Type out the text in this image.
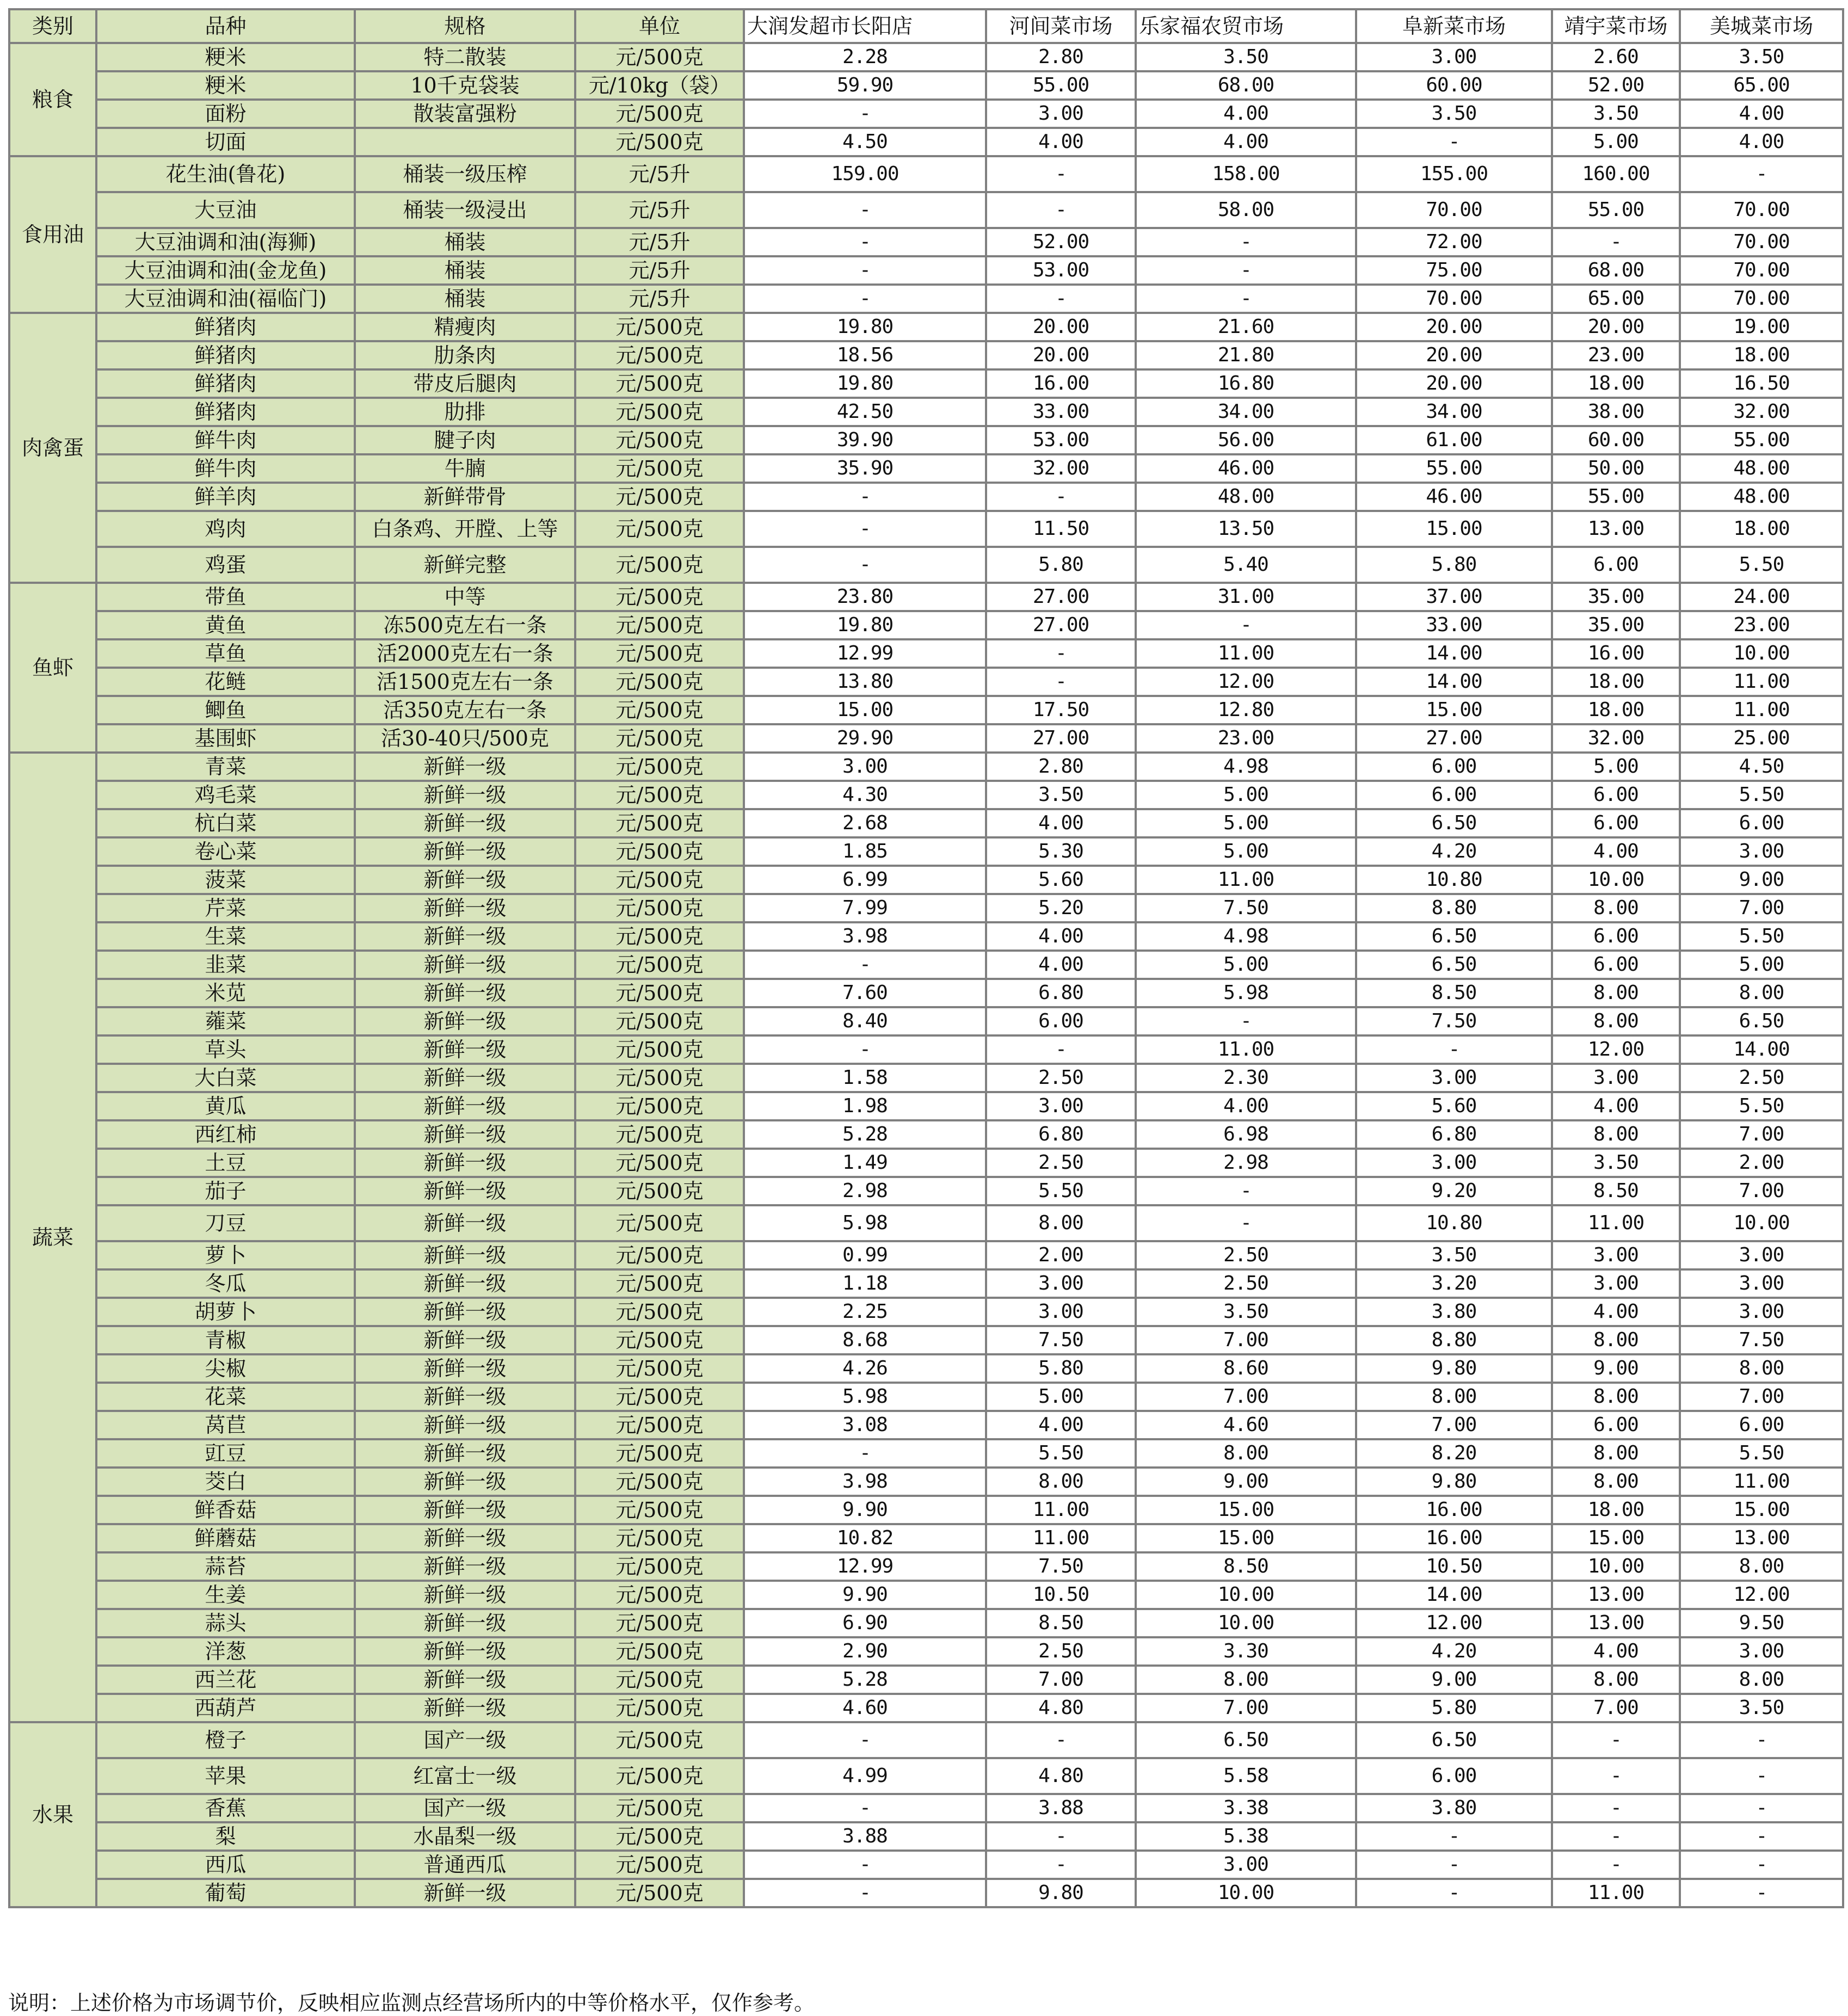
类别	品种	规格	单位	大润发超市长阳店	河间菜市场	乐家福农贸市场	阜新菜市场	靖宇菜市场	美城菜市场
粮食	粳米	特二散装	元/500克	2.28	2.80	3.50	3.00	2.60	3.50
	粳米	10千克袋装	元/10kg（袋）	59.90	55.00	68.00	60.00	52.00	65.00
	面粉	散装富强粉	元/500克	-	3.00	4.00	3.50	3.50	4.00
	切面		元/500克	4.50	4.00	4.00	-	5.00	4.00
食用油	花生油(鲁花)	桶装一级压榨	元/5升	159.00	-	158.00	155.00	160.00	-
	大豆油	桶装一级浸出	元/5升	-	-	58.00	70.00	55.00	70.00
	大豆油调和油(海狮)	桶装	元/5升	-	52.00	-	72.00	-	70.00
	大豆油调和油(金龙鱼)	桶装	元/5升	-	53.00	-	75.00	68.00	70.00
	大豆油调和油(福临门)	桶装	元/5升	-	-	-	70.00	65.00	70.00
肉禽蛋	鲜猪肉	精瘦肉	元/500克	19.80	20.00	21.60	20.00	20.00	19.00
	鲜猪肉	肋条肉	元/500克	18.56	20.00	21.80	20.00	23.00	18.00
	鲜猪肉	带皮后腿肉	元/500克	19.80	16.00	16.80	20.00	18.00	16.50
	鲜猪肉	肋排	元/500克	42.50	33.00	34.00	34.00	38.00	32.00
	鲜牛肉	腱子肉	元/500克	39.90	53.00	56.00	61.00	60.00	55.00
	鲜牛肉	牛腩	元/500克	35.90	32.00	46.00	55.00	50.00	48.00
	鲜羊肉	新鲜带骨	元/500克	-	-	48.00	46.00	55.00	48.00
	鸡肉	白条鸡、开膛、上等	元/500克	-	11.50	13.50	15.00	13.00	18.00
	鸡蛋	新鲜完整	元/500克	-	5.80	5.40	5.80	6.00	5.50
鱼虾	带鱼	中等	元/500克	23.80	27.00	31.00	37.00	35.00	24.00
	黄鱼	冻500克左右一条	元/500克	19.80	27.00	-	33.00	35.00	23.00
	草鱼	活2000克左右一条	元/500克	12.99	-	11.00	14.00	16.00	10.00
	花鲢	活1500克左右一条	元/500克	13.80	-	12.00	14.00	18.00	11.00
	鲫鱼	活350克左右一条	元/500克	15.00	17.50	12.80	15.00	18.00	11.00
	基围虾	活30-40只/500克	元/500克	29.90	27.00	23.00	27.00	32.00	25.00
蔬菜	青菜	新鲜一级	元/500克	3.00	2.80	4.98	6.00	5.00	4.50
	鸡毛菜	新鲜一级	元/500克	4.30	3.50	5.00	6.00	6.00	5.50
	杭白菜	新鲜一级	元/500克	2.68	4.00	5.00	6.50	6.00	6.00
	卷心菜	新鲜一级	元/500克	1.85	5.30	5.00	4.20	4.00	3.00
	菠菜	新鲜一级	元/500克	6.99	5.60	11.00	10.80	10.00	9.00
	芹菜	新鲜一级	元/500克	7.99	5.20	7.50	8.80	8.00	7.00
	生菜	新鲜一级	元/500克	3.98	4.00	4.98	6.50	6.00	5.50
	韭菜	新鲜一级	元/500克	-	4.00	5.00	6.50	6.00	5.00
	米苋	新鲜一级	元/500克	7.60	6.80	5.98	8.50	8.00	8.00
	蕹菜	新鲜一级	元/500克	8.40	6.00	-	7.50	8.00	6.50
	草头	新鲜一级	元/500克	-	-	11.00	-	12.00	14.00
	大白菜	新鲜一级	元/500克	1.58	2.50	2.30	3.00	3.00	2.50
	黄瓜	新鲜一级	元/500克	1.98	3.00	4.00	5.60	4.00	5.50
	西红柿	新鲜一级	元/500克	5.28	6.80	6.98	6.80	8.00	7.00
	土豆	新鲜一级	元/500克	1.49	2.50	2.98	3.00	3.50	2.00
	茄子	新鲜一级	元/500克	2.98	5.50	-	9.20	8.50	7.00
	刀豆	新鲜一级	元/500克	5.98	8.00	-	10.80	11.00	10.00
	萝卜	新鲜一级	元/500克	0.99	2.00	2.50	3.50	3.00	3.00
	冬瓜	新鲜一级	元/500克	1.18	3.00	2.50	3.20	3.00	3.00
	胡萝卜	新鲜一级	元/500克	2.25	3.00	3.50	3.80	4.00	3.00
	青椒	新鲜一级	元/500克	8.68	7.50	7.00	8.80	8.00	7.50
	尖椒	新鲜一级	元/500克	4.26	5.80	8.60	9.80	9.00	8.00
	花菜	新鲜一级	元/500克	5.98	5.00	7.00	8.00	8.00	7.00
	莴苣	新鲜一级	元/500克	3.08	4.00	4.60	7.00	6.00	6.00
	豇豆	新鲜一级	元/500克	-	5.50	8.00	8.20	8.00	5.50
	茭白	新鲜一级	元/500克	3.98	8.00	9.00	9.80	8.00	11.00
	鲜香菇	新鲜一级	元/500克	9.90	11.00	15.00	16.00	18.00	15.00
	鲜蘑菇	新鲜一级	元/500克	10.82	11.00	15.00	16.00	15.00	13.00
	蒜苔	新鲜一级	元/500克	12.99	7.50	8.50	10.50	10.00	8.00
	生姜	新鲜一级	元/500克	9.90	10.50	10.00	14.00	13.00	12.00
	蒜头	新鲜一级	元/500克	6.90	8.50	10.00	12.00	13.00	9.50
	洋葱	新鲜一级	元/500克	2.90	2.50	3.30	4.20	4.00	3.00
	西兰花	新鲜一级	元/500克	5.28	7.00	8.00	9.00	8.00	8.00
	西葫芦	新鲜一级	元/500克	4.60	4.80	7.00	5.80	7.00	3.50
水果	橙子	国产一级	元/500克	-	-	6.50	6.50	-	-
	苹果	红富士一级	元/500克	4.99	4.80	5.58	6.00	-	-
	香蕉	国产一级	元/500克	-	3.88	3.38	3.80	-	-
	梨	水晶梨一级	元/500克	3.88	-	5.38	-	-	-
	西瓜	普通西瓜	元/500克	-	-	3.00	-	-	-
	葡萄	新鲜一级	元/500克	-	9.80	10.00	-	11.00	-
说明：上述价格为市场调节价，反映相应监测点经营场所内的中等价格水平，仅作参考。
